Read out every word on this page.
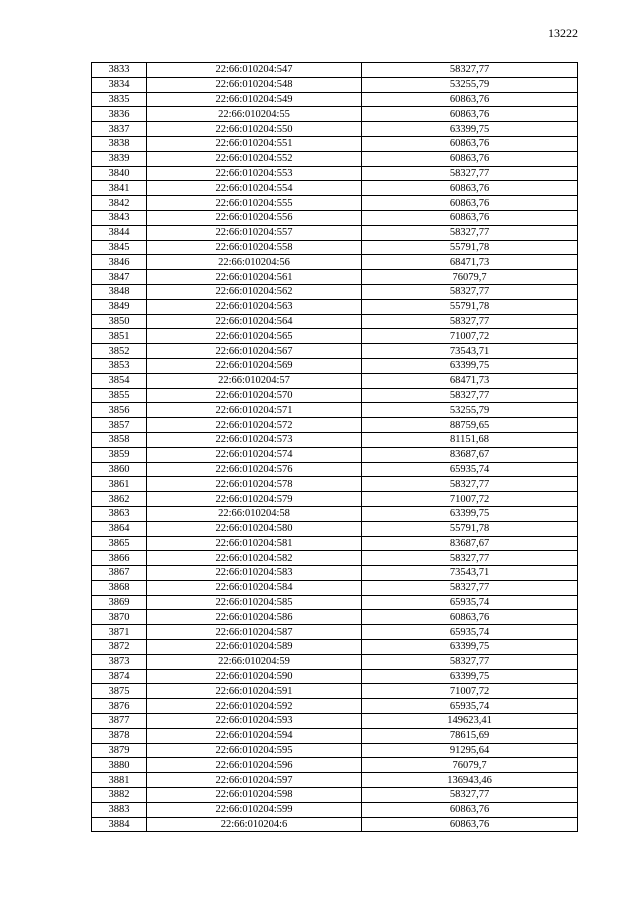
13222
3833	22:66:010204:547	58327,77
3834	22:66:010204:548	53255,79
3835	22:66:010204:549	60863,76
3836	22:66:010204:55	60863,76
3837	22:66:010204:550	63399,75
3838	22:66:010204:551	60863,76
3839	22:66:010204:552	60863,76
3840	22:66:010204:553	58327,77
3841	22:66:010204:554	60863,76
3842	22:66:010204:555	60863,76
3843	22:66:010204:556	60863,76
3844	22:66:010204:557	58327,77
3845	22:66:010204:558	55791,78
3846	22:66:010204:56	68471,73
3847	22:66:010204:561	76079,7
3848	22:66:010204:562	58327,77
3849	22:66:010204:563	55791,78
3850	22:66:010204:564	58327,77
3851	22:66:010204:565	71007,72
3852	22:66:010204:567	73543,71
3853	22:66:010204:569	63399,75
3854	22:66:010204:57	68471,73
3855	22:66:010204:570	58327,77
3856	22:66:010204:571	53255,79
3857	22:66:010204:572	88759,65
3858	22:66:010204:573	81151,68
3859	22:66:010204:574	83687,67
3860	22:66:010204:576	65935,74
3861	22:66:010204:578	58327,77
3862	22:66:010204:579	71007,72
3863	22:66:010204:58	63399,75
3864	22:66:010204:580	55791,78
3865	22:66:010204:581	83687,67
3866	22:66:010204:582	58327,77
3867	22:66:010204:583	73543,71
3868	22:66:010204:584	58327,77
3869	22:66:010204:585	65935,74
3870	22:66:010204:586	60863,76
3871	22:66:010204:587	65935,74
3872	22:66:010204:589	63399,75
3873	22:66:010204:59	58327,77
3874	22:66:010204:590	63399,75
3875	22:66:010204:591	71007,72
3876	22:66:010204:592	65935,74
3877	22:66:010204:593	149623,41
3878	22:66:010204:594	78615,69
3879	22:66:010204:595	91295,64
3880	22:66:010204:596	76079,7
3881	22:66:010204:597	136943,46
3882	22:66:010204:598	58327,77
3883	22:66:010204:599	60863,76
3884	22:66:010204:6	60863,76
